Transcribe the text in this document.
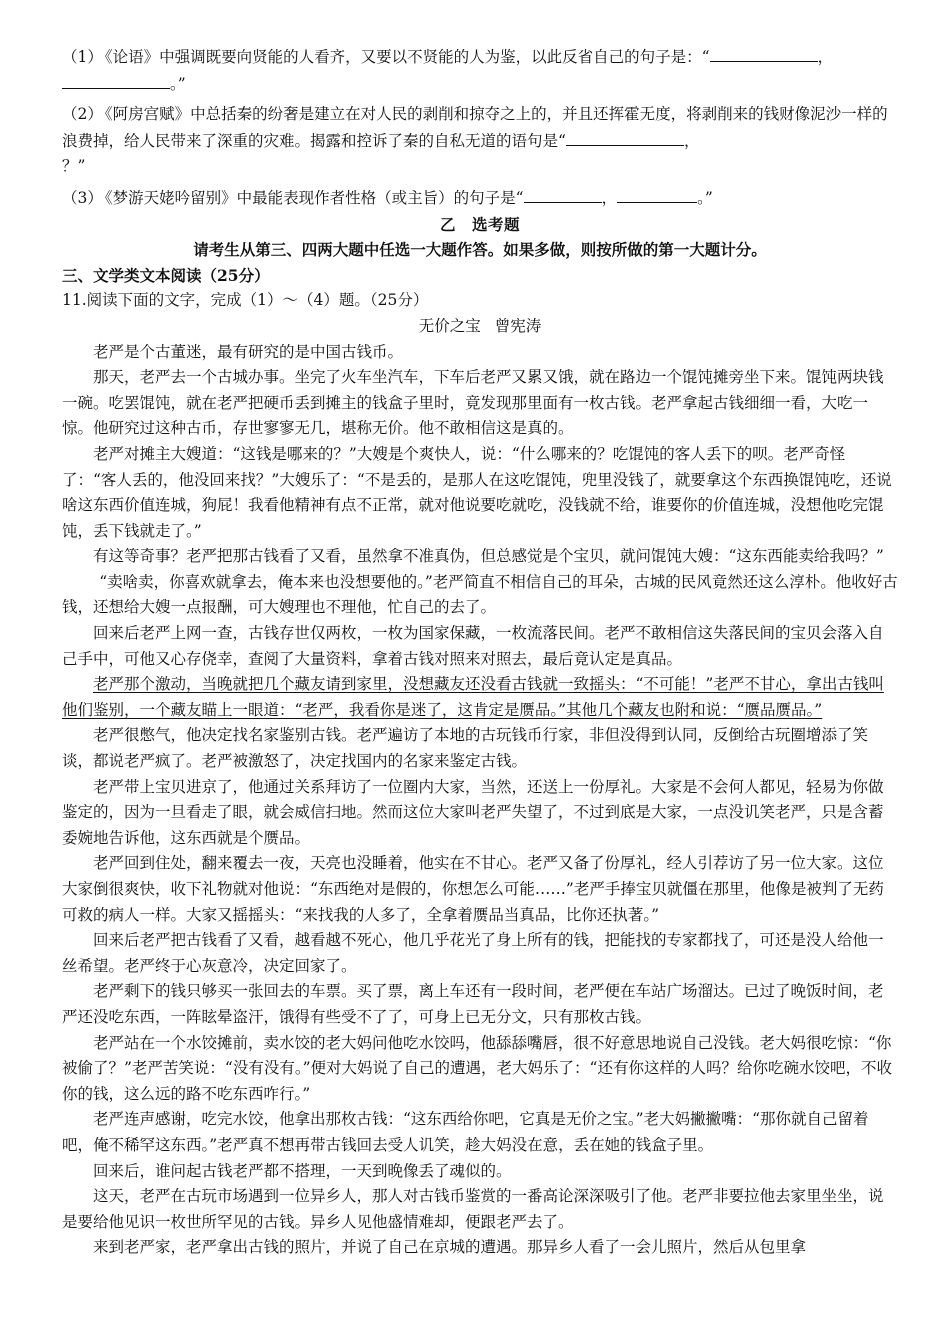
（1） 《论语》中强调既要向贤能的人看齐，又要以不贤能的人为鉴，以此反省自己的句子是：“	，
。”

（2） 《阿房宫赋》中总括秦的纷奢是建立在对人民的剥削和掠夺之上的，并且还挥霍无度，将剥削来的钱财像泥沙一样的浪费掉，给人民带来了深重的灾难。揭露和控诉了秦的自私无道的语句是“	，
？”

（3） 《梦游天姥吟留别》中最能表现作者性格（或主旨）的句子是“	，	。”

乙 选考题

请考生从第三、四两大题中任选一大题作答。如果多做，则按所做的第一大题计分。

三、文学类文本阅读（25分）

11.阅读下面的文字，完成（1）～（4）题。（25分）

无价之宝 曾宪涛

老严是个古董迷，最有研究的是中国古钱币。

那天，老严去一个古城办事。坐完了火车坐汽车，下车后老严又累又饿，就在路边一个馄饨摊旁坐下来。馄饨两块钱一碗。吃罢馄饨，就在老严把硬币丢到摊主的钱盒子里时，竟发现那里面有一枚古钱。老严拿起古钱细细一看，大吃一惊。他研究过这种古币，存世寥寥无几，堪称无价。他不敢相信这是真的。

老严对摊主大嫂道：“这钱是哪来的？”大嫂是个爽快人，说：“什么哪来的？吃馄饨的客人丢下的呗。老严奇怪了：“客人丢的，他没回来找？”大嫂乐了：“不是丢的，是那人在这吃馄饨，兜里没钱了，就要拿这个东西换馄饨吃，还说啥这东西价值连城，狗屁！我看他精神有点不正常，就对他说要吃就吃，没钱就不给，谁要你的价值连城，没想他吃完馄饨，丢下钱就走了。”

有这等奇事？老严把那古钱看了又看，虽然拿不准真伪，但总感觉是个宝贝，就问馄饨大嫂：“这东西能卖给我吗？”

“卖啥卖，你喜欢就拿去，俺本来也没想要他的。”老严简直不相信自己的耳朵，古城的民风竟然还这么淳朴。他收好古钱，还想给大嫂一点报酬，可大嫂理也不理他，忙自己的去了。

回来后老严上网一查，古钱存世仅两枚，一枚为国家保藏，一枚流落民间。老严不敢相信这失落民间的宝贝会落入自己手中，可他又心存侥幸，查阅了大量资料，拿着古钱对照来对照去，最后竟认定是真品。

老严那个激动，当晚就把几个藏友请到家里，没想藏友还没看古钱就一致摇头：“不可能！”老严不甘心，拿出古钱叫他们鉴别，一个藏友瞄上一眼道：“老严，我看你是迷了，这肯定是赝品。”其他几个藏友也附和说：“赝品赝品。”

老严很憋气，他决定找名家鉴别古钱。老严遍访了本地的古玩钱币行家，非但没得到认同，反倒给古玩圈增添了笑谈，都说老严疯了。老严被激怒了，决定找国内的名家来鉴定古钱。

老严带上宝贝进京了，他通过关系拜访了一位圈内大家，当然，还送上一份厚礼。大家是不会何人都见，轻易为你做鉴定的，因为一旦看走了眼，就会威信扫地。然而这位大家叫老严失望了，不过到底是大家，一点没讥笑老严，只是含蓄委婉地告诉他，这东西就是个赝品。

老严回到住处，翻来覆去一夜，天亮也没睡着，他实在不甘心。老严又备了份厚礼，经人引荐访了另一位大家。这位大家倒很爽快，收下礼物就对他说：“东西绝对是假的，你想怎么可能……”老严手捧宝贝就僵在那里，他像是被判了无药可救的病人一样。大家又摇摇头：“来找我的人多了，全拿着赝品当真品，比你还执著。”

回来后老严把古钱看了又看，越看越不死心，他几乎花光了身上所有的钱，把能找的专家都找了，可还是没人给他一丝希望。老严终于心灰意冷，决定回家了。

老严剩下的钱只够买一张回去的车票。买了票，离上车还有一段时间，老严便在车站广场溜达。已过了晚饭时间，老严还没吃东西，一阵眩晕盗汗，饿得有些受不了了，可身上已无分文，只有那枚古钱。

老严站在一个水饺摊前，卖水饺的老大妈问他吃水饺吗，他舔舔嘴唇，很不好意思地说自己没钱。老大妈很吃惊：“你被偷了？”老严苦笑说：“没有没有。”便对大妈说了自己的遭遇，老大妈乐了：“还有你这样的人吗？给你吃碗水饺吧，不收你的钱，这么远的路不吃东西咋行。”

老严连声感谢，吃完水饺，他拿出那枚古钱：“这东西给你吧，它真是无价之宝。”老大妈撇撇嘴：“那你就自己留着吧，俺不稀罕这东西。”老严真不想再带古钱回去受人讥笑，趁大妈没在意，丢在她的钱盒子里。

回来后，谁问起古钱老严都不搭理，一天到晚像丢了魂似的。

这天，老严在古玩市场遇到一位异乡人，那人对古钱币鉴赏的一番高论深深吸引了他。老严非要拉他去家里坐坐，说是要给他见识一枚世所罕见的古钱。异乡人见他盛情难却，便跟老严去了。

来到老严家，老严拿出古钱的照片，并说了自己在京城的遭遇。那异乡人看了一会儿照片，然后从包里拿
